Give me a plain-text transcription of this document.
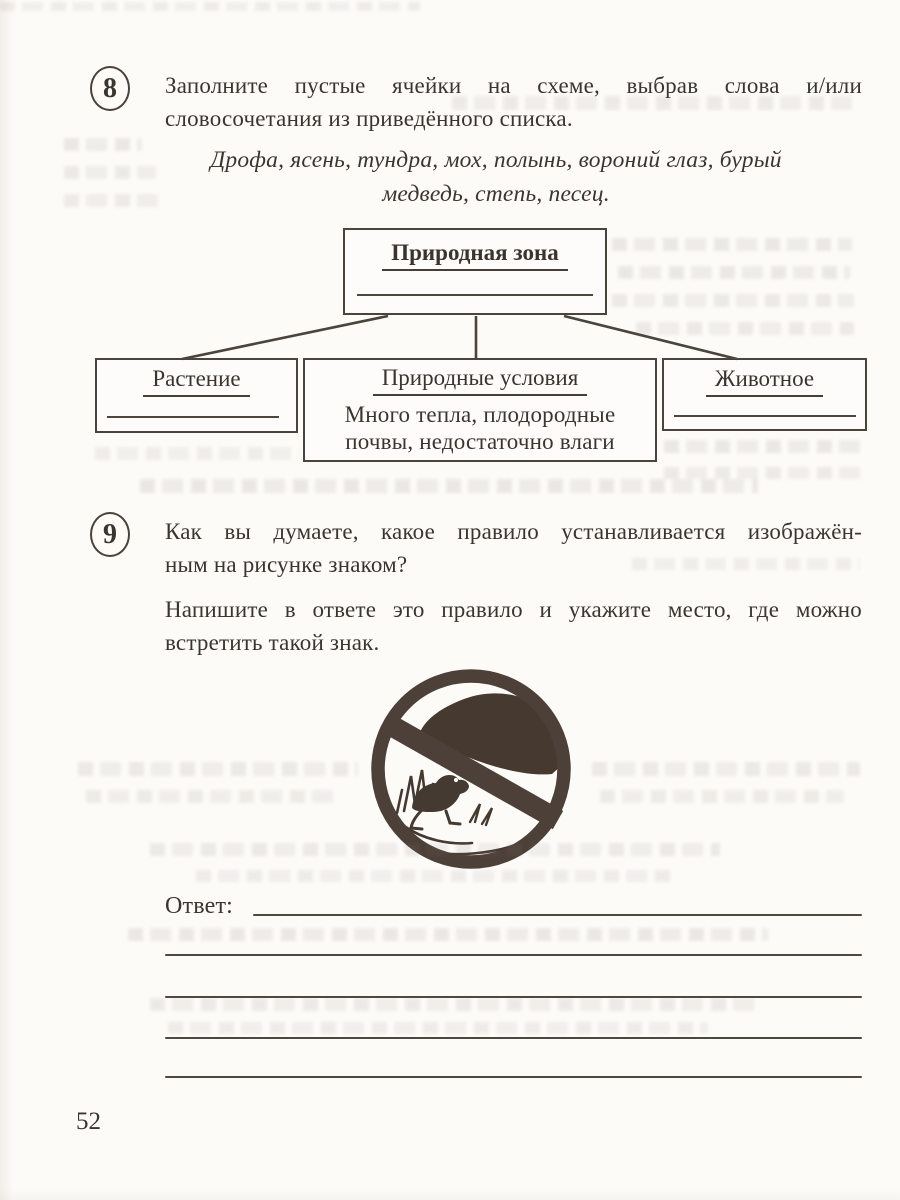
8 Заполните пустые ячейки на схеме, выбрав слова и/или
словосочетания из приведённого списка.
Дрофа, ясень, тундра, мох, полынь, вороний глаз, бурый
медведь, степь, песец.
Природная зона
Растение	Природные условия
Много тепла, плодородные
почвы, недостаточно влаги
Животное
9 Как вы думаете, какое правило устанавливается изображён-
ным на рисунке знаком?
Напишите в ответе это правило и укажите место, где можно
встретить такой знак.
Ответ:
52
